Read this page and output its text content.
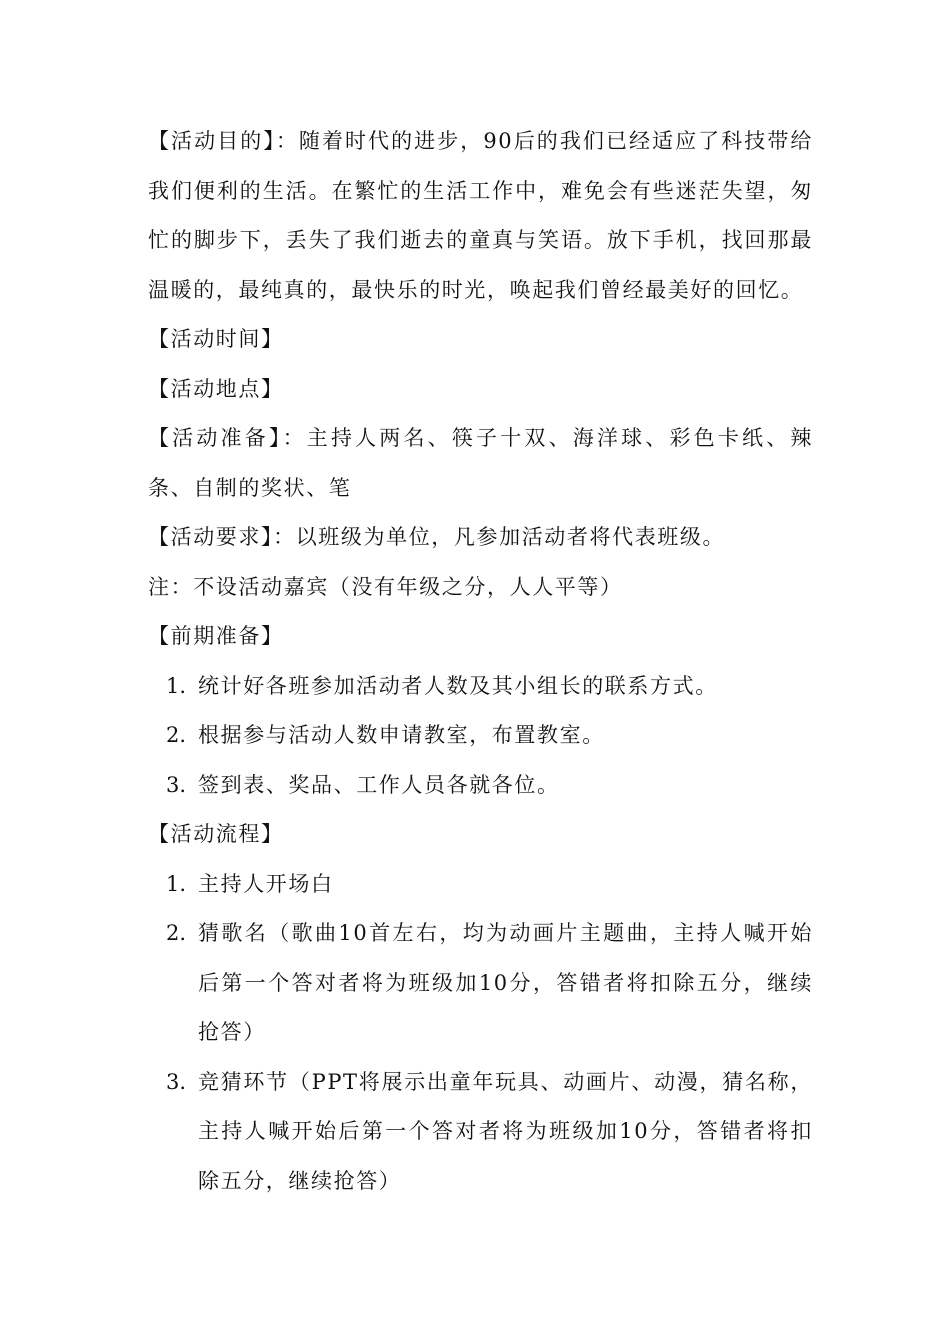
【活动目的】：随着时代的进步，90后的我们已经适应了科技带给我们便利的生活。在繁忙的生活工作中，难免会有些迷茫失望，匆忙的脚步下，丢失了我们逝去的童真与笑语。放下手机，找回那最温暖的，最纯真的，最快乐的时光，唤起我们曾经最美好的回忆。

【活动时间】

【活动地点】

【活动准备】：主持人两名、筷子十双、海洋球、彩色卡纸、辣条、自制的奖状、笔

【活动要求】：以班级为单位，凡参加活动者将代表班级。

注：不设活动嘉宾（没有年级之分，人人平等）

【前期准备】

1. 统计好各班参加活动者人数及其小组长的联系方式。
2. 根据参与活动人数申请教室，布置教室。
3. 签到表、奖品、工作人员各就各位。

【活动流程】

1. 主持人开场白
2. 猜歌名（歌曲10首左右，均为动画片主题曲，主持人喊开始后第一个答对者将为班级加10分，答错者将扣除五分，继续抢答）
3. 竞猜环节（PPT将展示出童年玩具、动画片、动漫，猜名称，主持人喊开始后第一个答对者将为班级加10分，答错者将扣除五分，继续抢答）
